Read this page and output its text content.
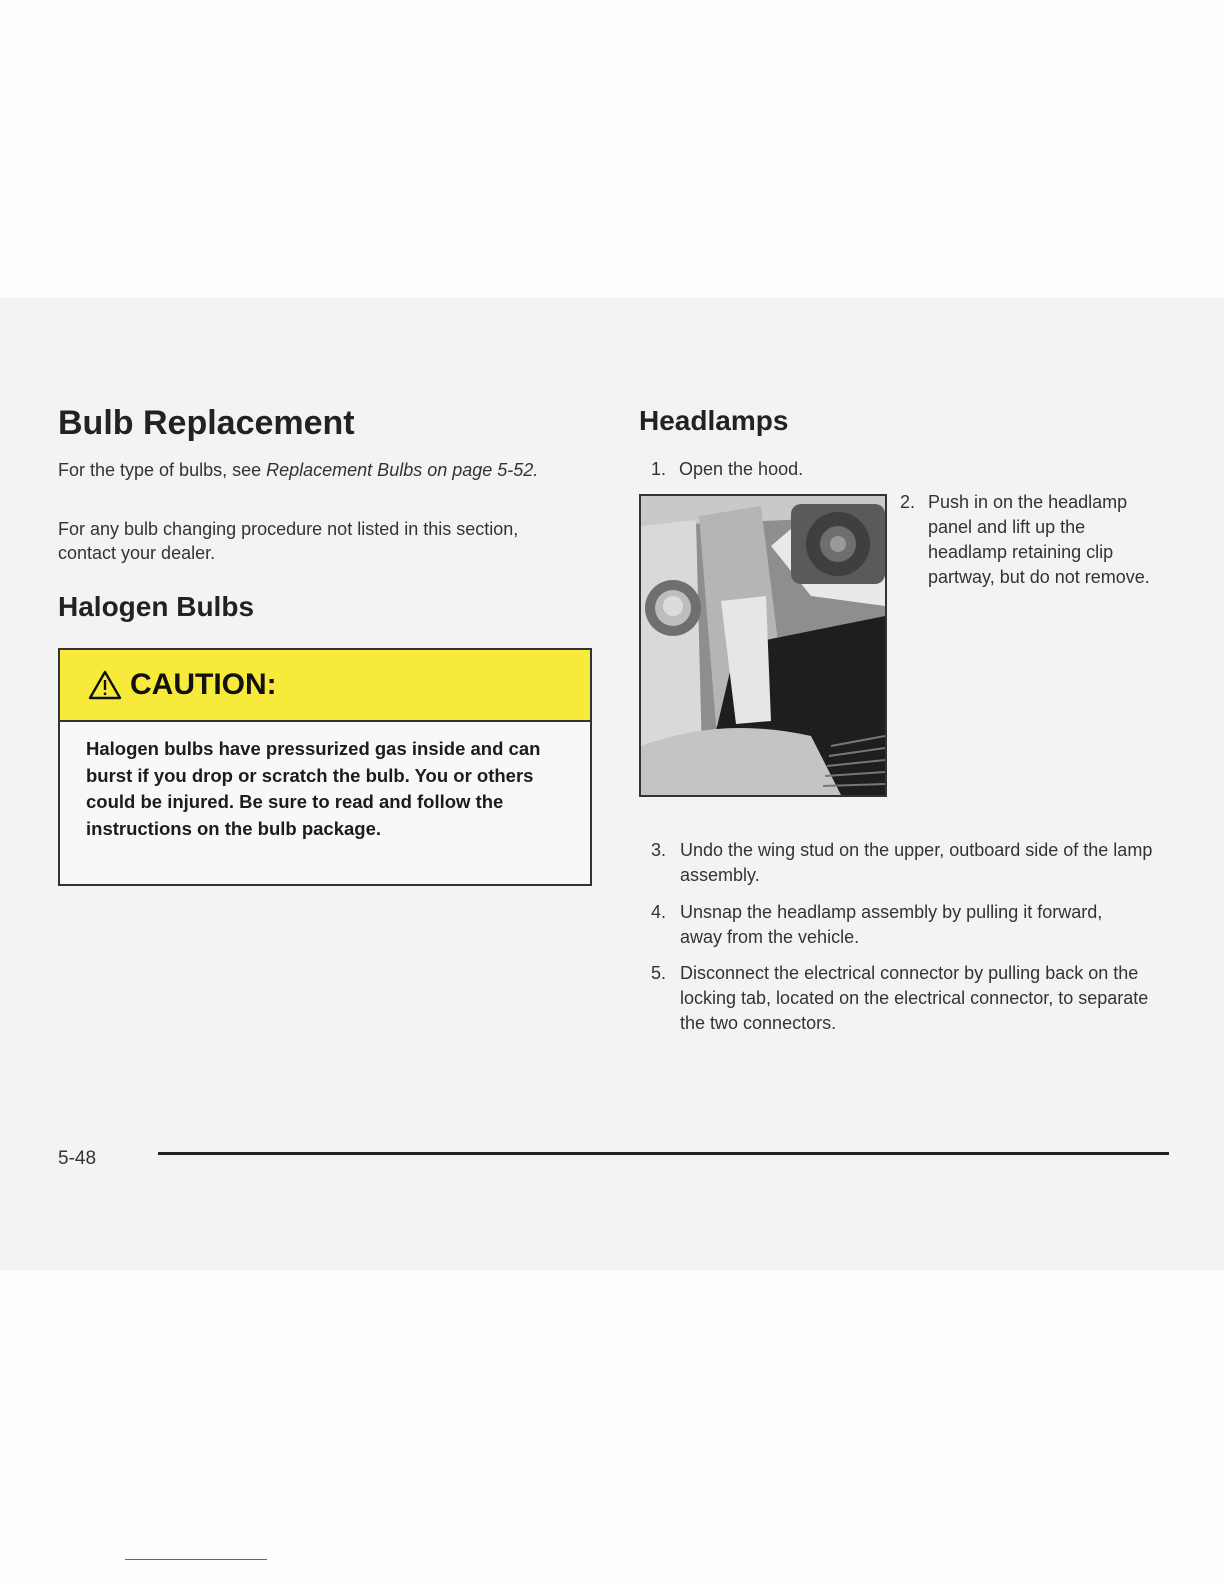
Bulb Replacement

For the type of bulbs, see Replacement Bulbs on page 5-52.

For any bulb changing procedure not listed in this section, contact your dealer.

Halogen Bulbs
CAUTION:

Halogen bulbs have pressurized gas inside and can burst if you drop or scratch the bulb. You or others could be injured. Be sure to read and follow the instructions on the bulb package.

Headlamps
1. Open the hood.
2. Push in on the headlamp panel and lift up the headlamp retaining clip partway, but do not remove.
3. Undo the wing stud on the upper, outboard side of the lamp assembly.
4. Unsnap the headlamp assembly by pulling it forward, away from the vehicle.
5. Disconnect the electrical connector by pulling back on the locking tab, located on the electrical connector, to separate the two connectors.
5-48
